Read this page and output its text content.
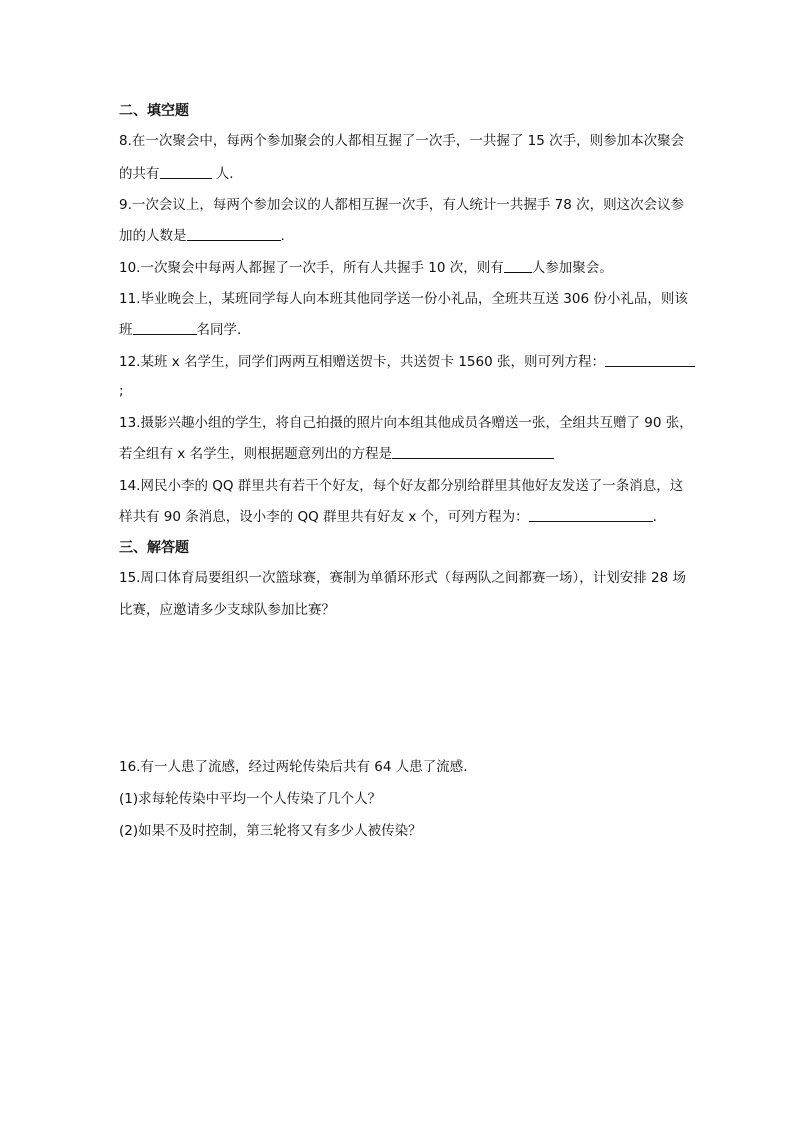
二、填空题
8.在一次聚会中，每两个参加聚会的人都相互握了一次手，一共握了 15 次手，则参加本次聚会
的共有	人.
9.一次会议上，每两个参加会议的人都相互握一次手，有人统计一共握手 78 次，则这次会议参
加的人数是	.
10.一次聚会中每两人都握了一次手，所有人共握手 10 次，则有 人参加聚会。
11.毕业晚会上，某班同学每人向本班其他同学送一份小礼品，全班共互送 306 份小礼品，则该
班	名同学.
12.某班 x 名学生，同学们两两互相赠送贺卡，共送贺卡 1560 张，则可列方程：
;
13.摄影兴趣小组的学生，将自己拍摄的照片向本组其他成员各赠送一张，全组共互赠了 90 张，
若全组有 x 名学生，则根据题意列出的方程是
14.网民小李的 QQ 群里共有若干个好友，每个好友都分别给群里其他好友发送了一条消息，这
样共有 90 条消息，设小李的 QQ 群里共有好友 x 个，可列方程为：	.
三、解答题
15.周口体育局要组织一次篮球赛，赛制为单循环形式（每两队之间都赛一场），计划安排 28 场
比赛，应邀请多少支球队参加比赛？
16.有一人患了流感，经过两轮传染后共有 64 人患了流感.
(1)求每轮传染中平均一个人传染了几个人？
(2)如果不及时控制，第三轮将又有多少人被传染？
